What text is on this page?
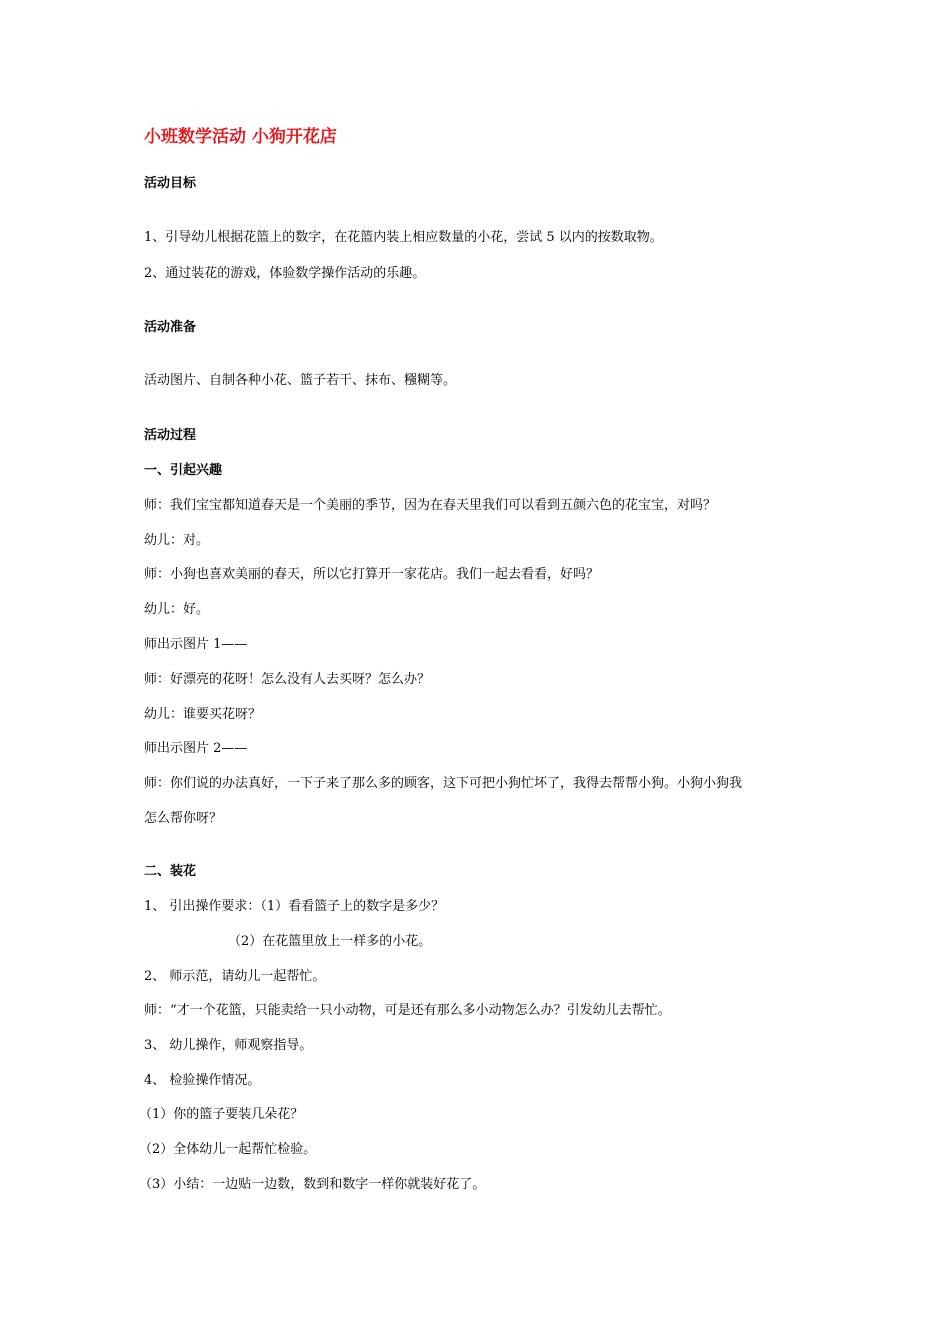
小班数学活动 小狗开花店
活动目标
1、引导幼儿根据花篮上的数字，在花篮内装上相应数量的小花，尝试 5 以内的按数取物。
2、通过装花的游戏，体验数学操作活动的乐趣。
活动准备
活动图片、自制各种小花、篮子若干、抹布、糨糊等。
活动过程
一、引起兴趣
师：我们宝宝都知道春天是一个美丽的季节，因为在春天里我们可以看到五颜六色的花宝宝，对吗？
幼儿：对。
师：小狗也喜欢美丽的春天，所以它打算开一家花店。我们一起去看看，好吗？
幼儿：好。
师出示图片 1——
师：好漂亮的花呀！怎么没有人去买呀？怎么办？
幼儿：谁要买花呀？
师出示图片 2——
师：你们说的办法真好，一下子来了那么多的顾客，这下可把小狗忙坏了，我得去帮帮小狗。小狗小狗我
怎么帮你呀？
二、装花
1、 引出操作要求：（1）看看篮子上的数字是多少？
（2）在花篮里放上一样多的小花。
2、 师示范，请幼儿一起帮忙。
师：“才一个花篮，只能卖给一只小动物，可是还有那么多小动物怎么办？引发幼儿去帮忙。
3、 幼儿操作，师观察指导。
4、 检验操作情况。
（1）你的篮子要装几朵花？
（2）全体幼儿一起帮忙检验。
（3）小结：一边贴一边数，数到和数字一样你就装好花了。
